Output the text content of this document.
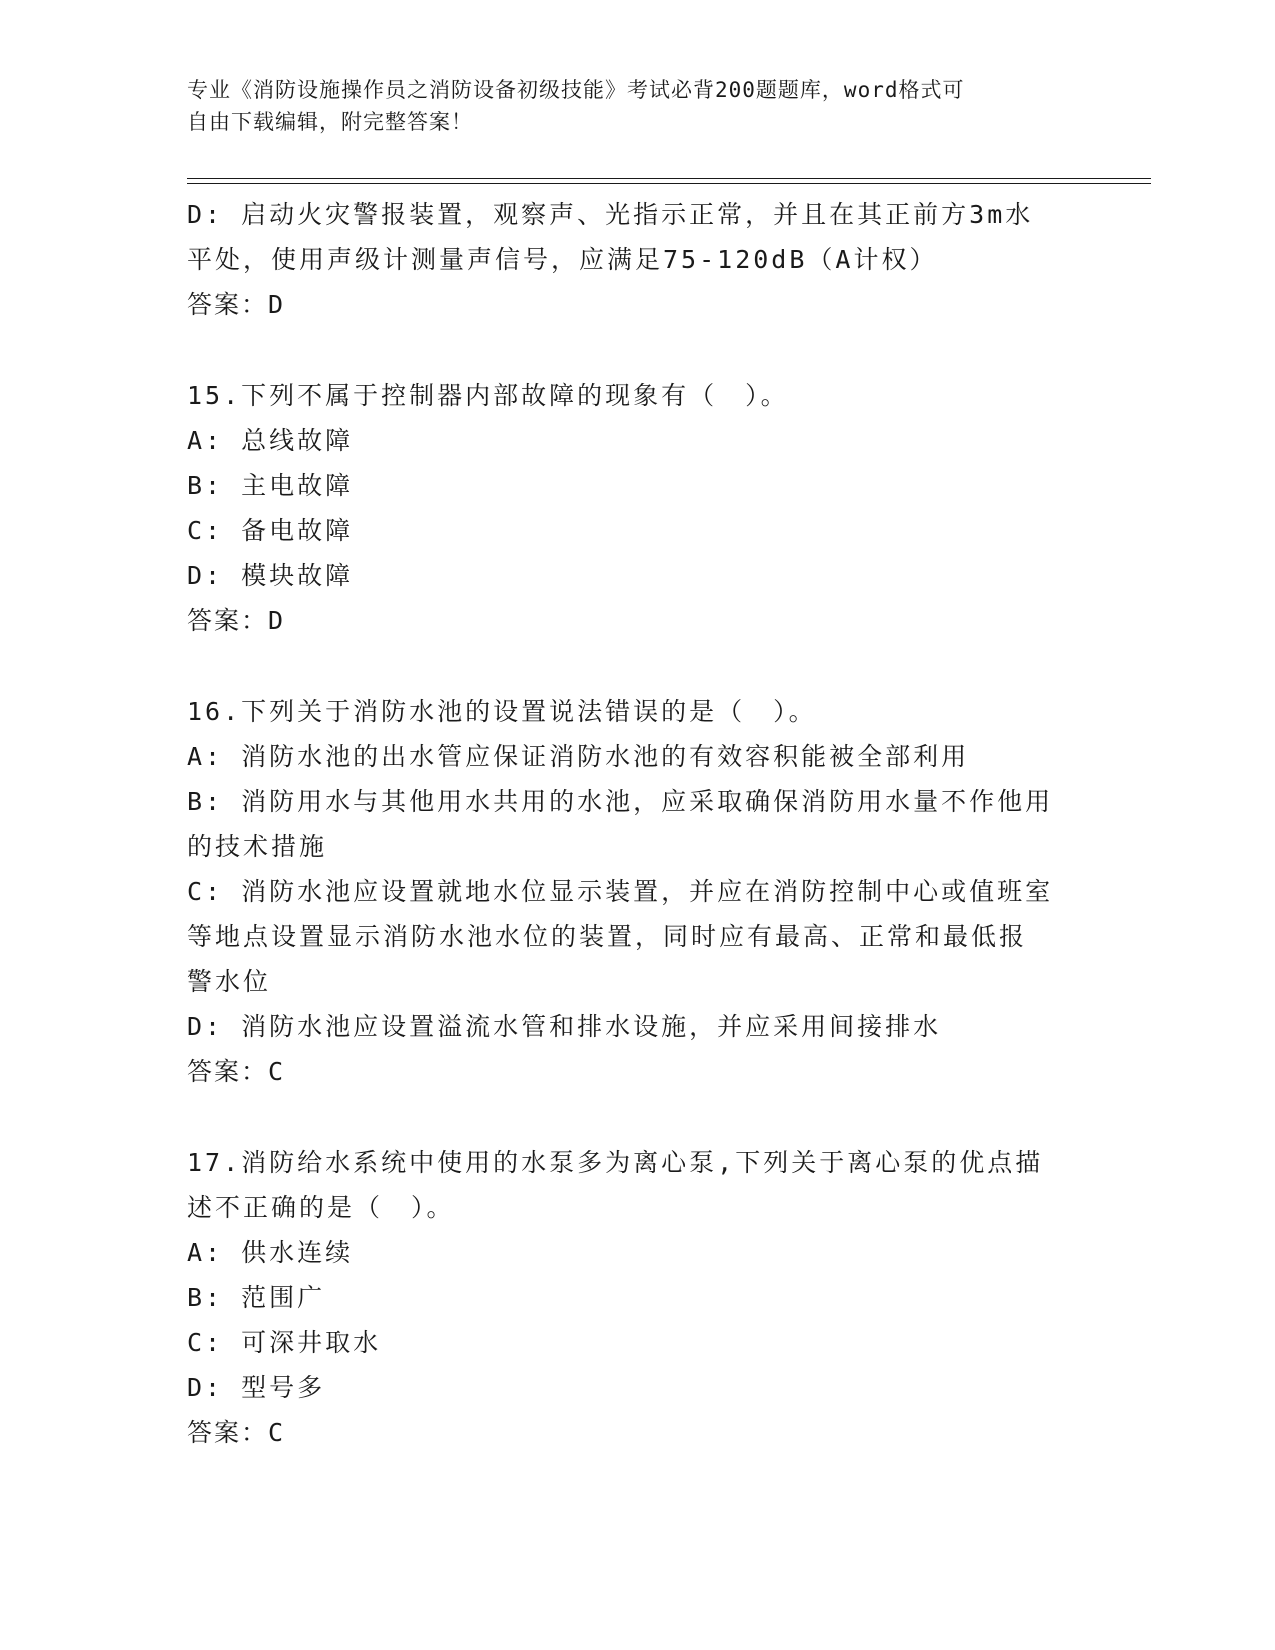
专业《消防设施操作员之消防设备初级技能》考试必背200题题库，word格式可
自由下载编辑，附完整答案！
D: 启动火灾警报装置，观察声、光指示正常，并且在其正前方3m水
平处，使用声级计测量声信号，应满足75-120dB（A计权）
答案：D
15.下列不属于控制器内部故障的现象有（　）。
A: 总线故障
B: 主电故障
C: 备电故障
D: 模块故障
答案：D
16.下列关于消防水池的设置说法错误的是（　）。
A: 消防水池的出水管应保证消防水池的有效容积能被全部利用
B: 消防用水与其他用水共用的水池，应采取确保消防用水量不作他用
的技术措施
C: 消防水池应设置就地水位显示装置，并应在消防控制中心或值班室
等地点设置显示消防水池水位的装置，同时应有最高、正常和最低报
警水位
D: 消防水池应设置溢流水管和排水设施，并应采用间接排水
答案：C
17.消防给水系统中使用的水泵多为离心泵,下列关于离心泵的优点描
述不正确的是（　）。
A: 供水连续
B: 范围广
C: 可深井取水
D: 型号多
答案：C
